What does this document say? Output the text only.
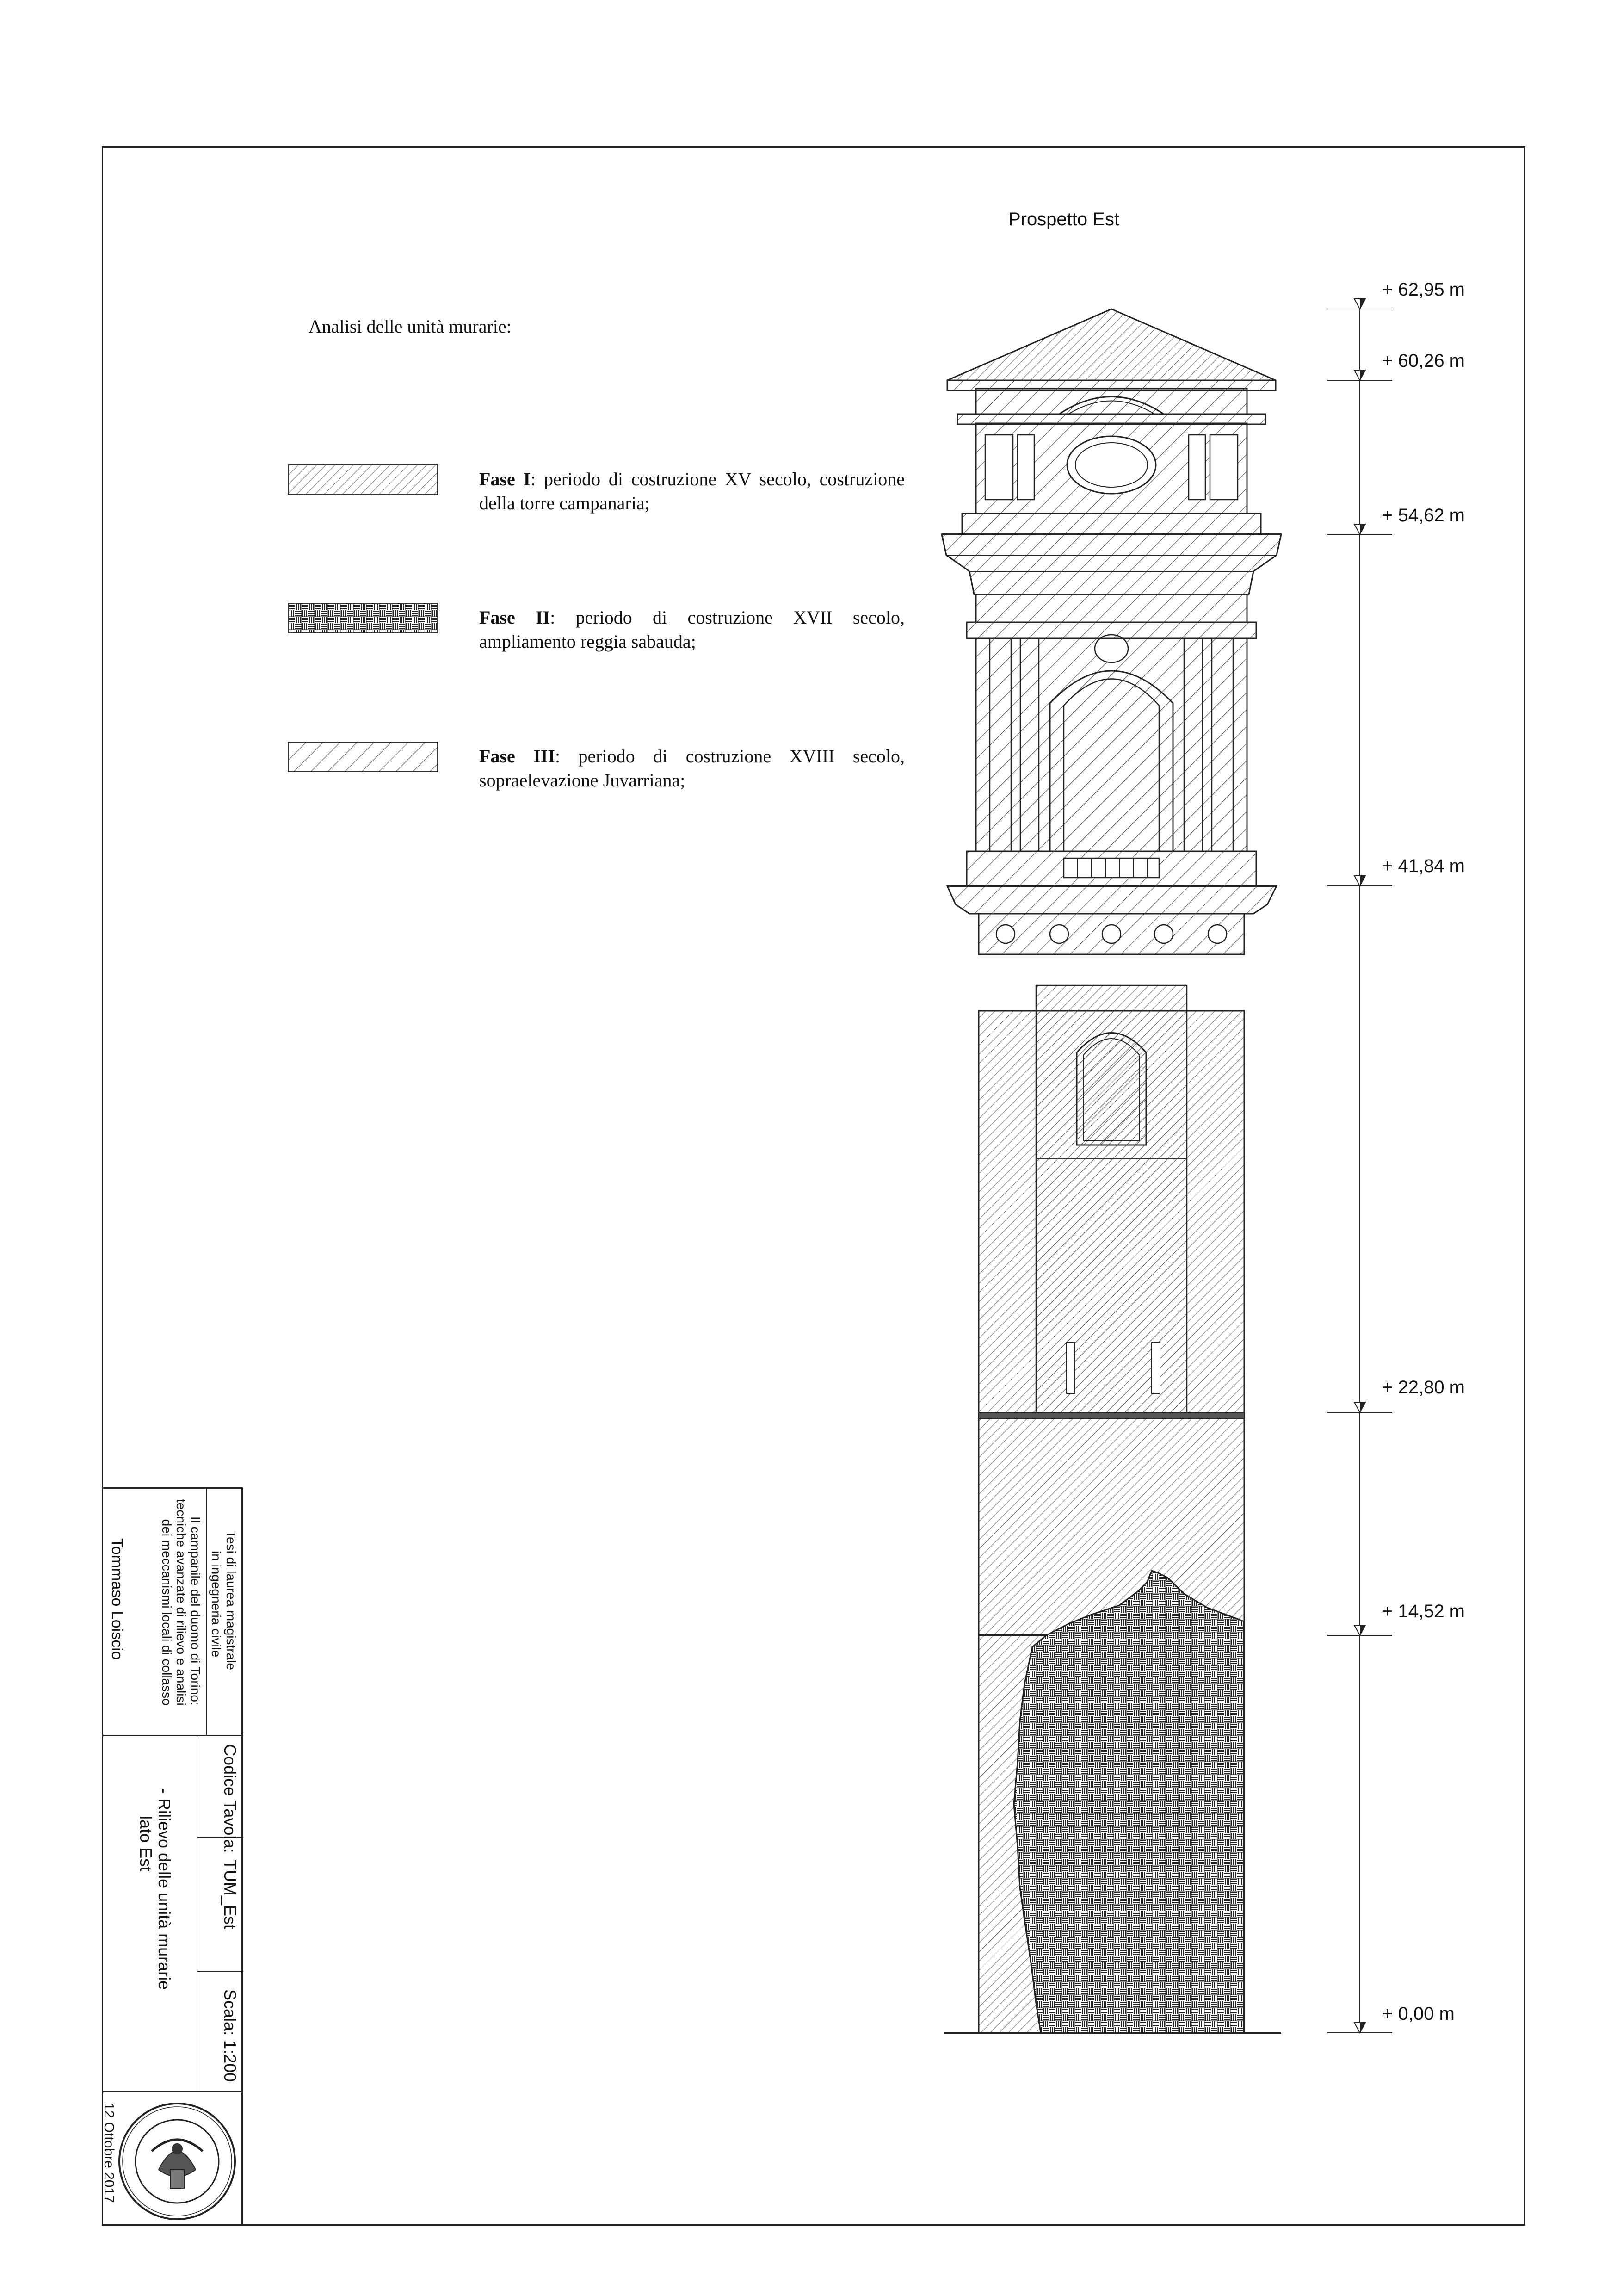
Prospetto Est
Analisi delle unità murarie:
Fase I: periodo di costruzione XV secolo, costruzione della torre campanaria;
Fase II: periodo di costruzione XVII secolo, ampliamento reggia sabauda;
Fase III: periodo di costruzione XVIII secolo, sopraelevazione Juvarriana;
+ 62,95 m
+ 60,26 m
+ 54,62 m
+ 41,84 m
+ 22,80 m
+ 14,52 m
+ 0,00 m
Tesi di laurea magistrale
in ingegneria civile
Il campanile del duomo di Torino:
tecniche avanzate di rilievo e analisi
dei meccanismi locali di collasso
Tommaso Loiscio
Codice Tavola:
TUM_Est
Scala: 1:200
- Rilievo delle unità murarie
lato Est
12 Ottobre 2017
